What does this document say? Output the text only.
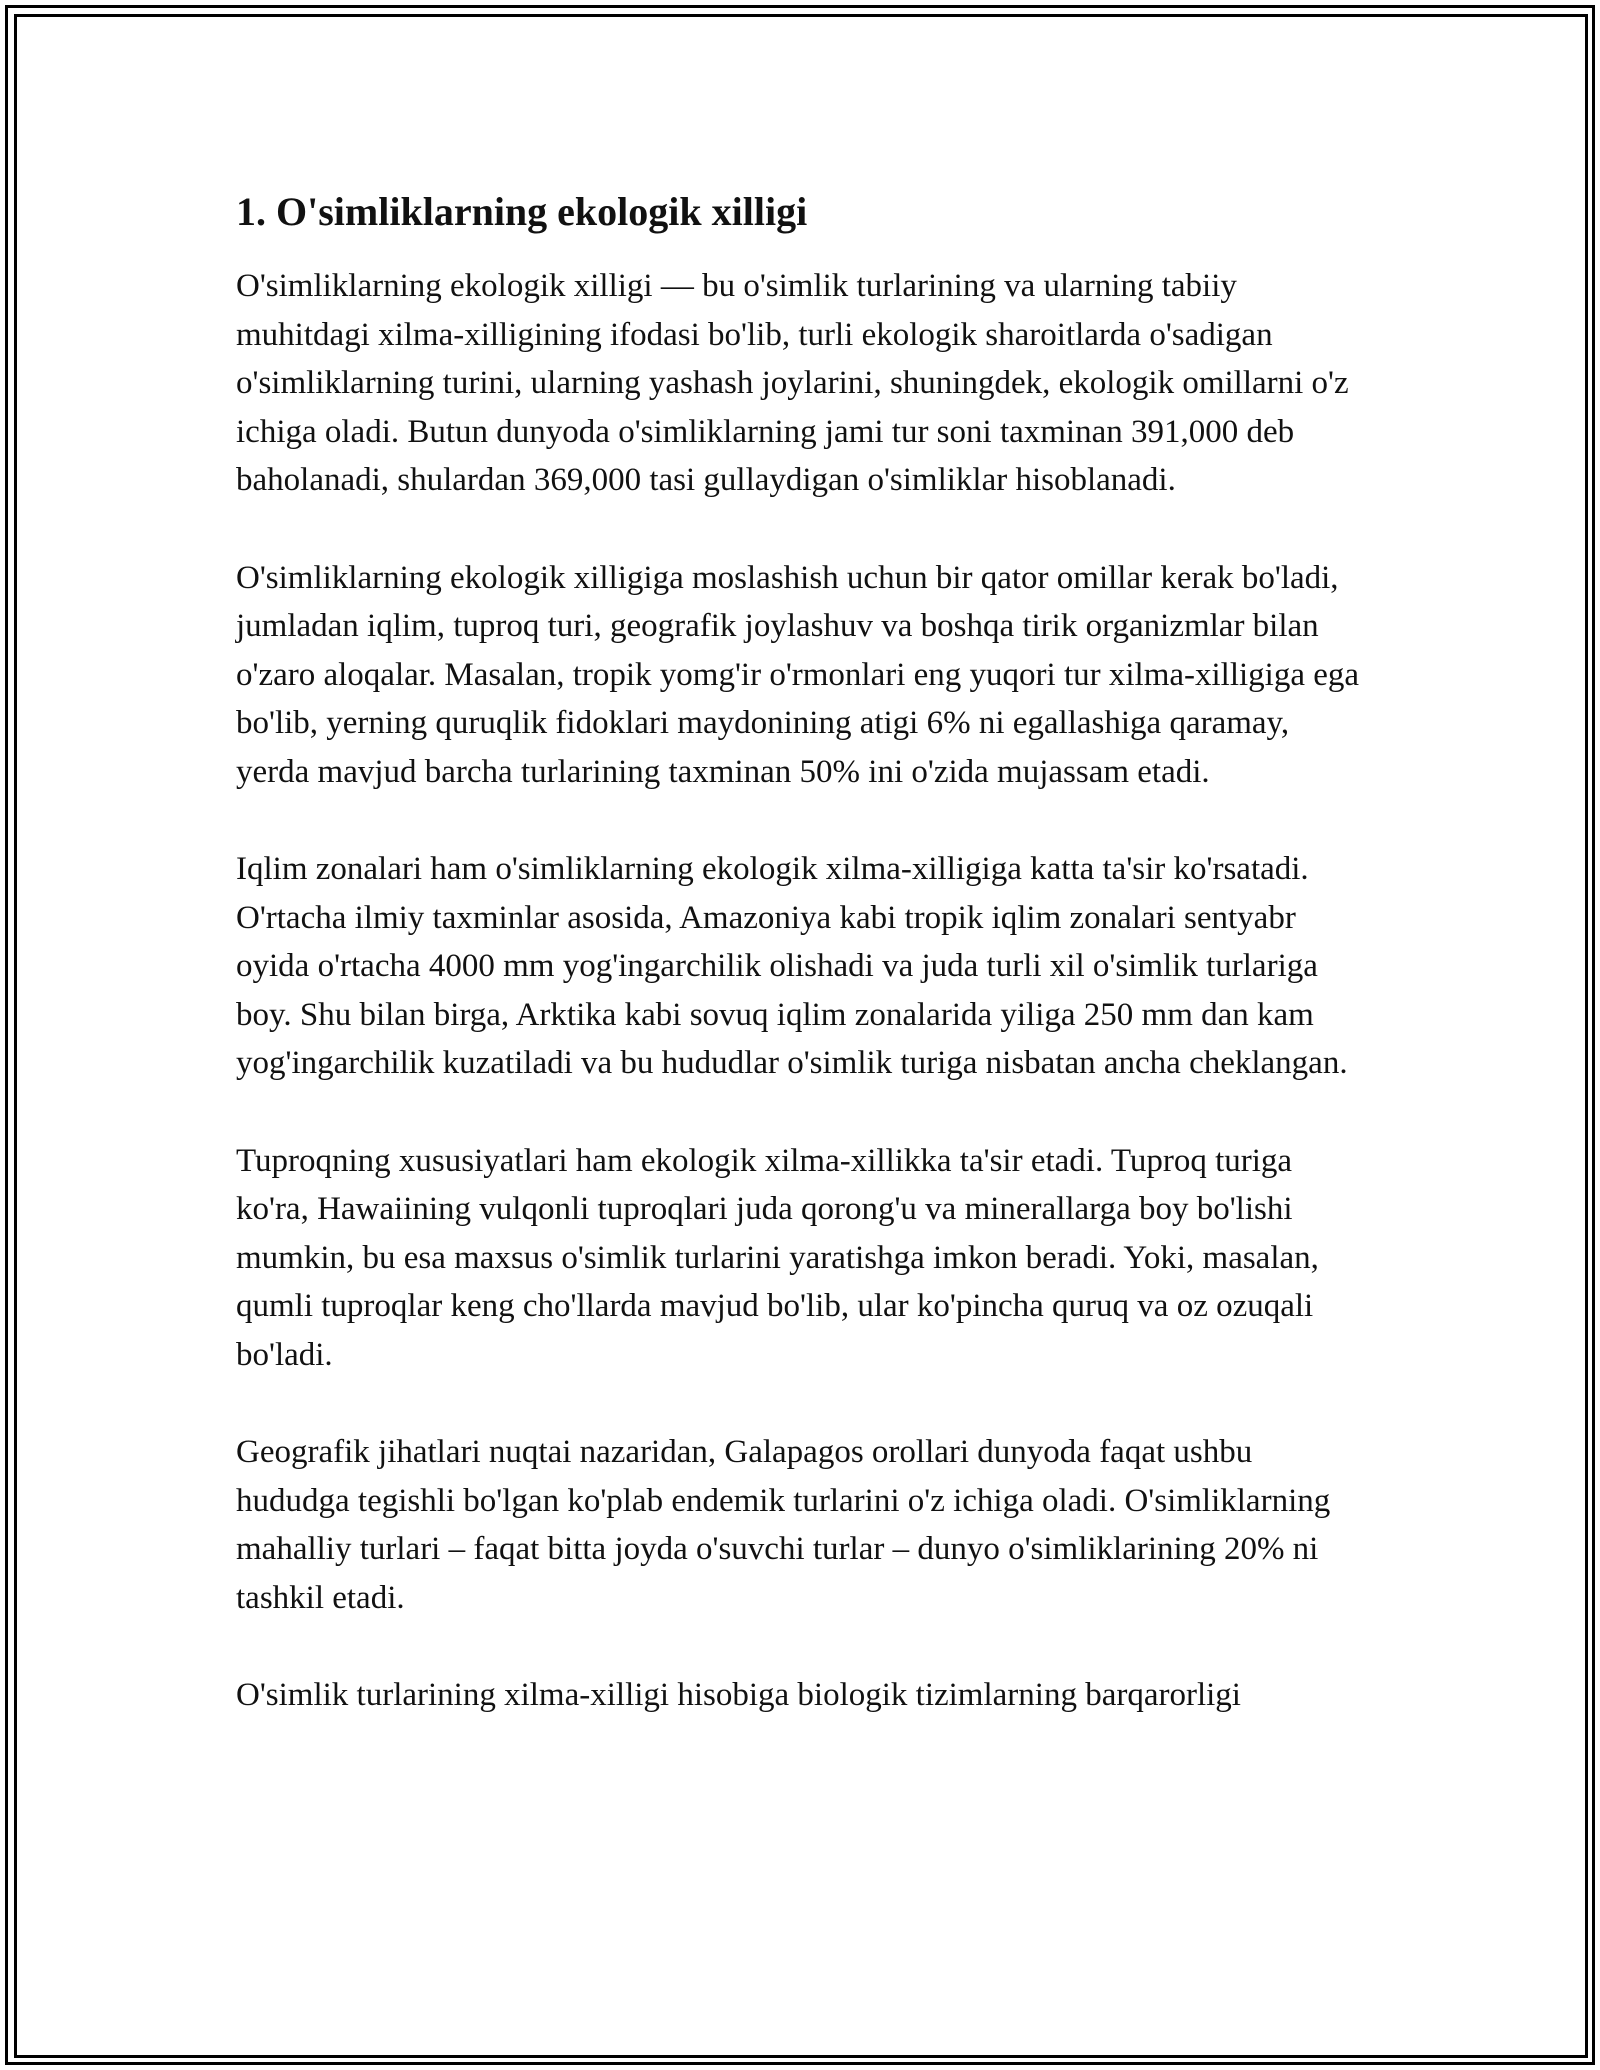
1. O'simliklarning ekologik xilligi

O'simliklarning ekologik xilligi — bu o'simlik turlarining va ularning tabiiy muhitdagi xilma-xilligining ifodasi bo'lib, turli ekologik sharoitlarda o'sadigan o'simliklarning turini, ularning yashash joylarini, shuningdek, ekologik omillarni o'z ichiga oladi. Butun dunyoda o'simliklarning jami tur soni taxminan 391,000 deb baholanadi, shulardan 369,000 tasi gullaydigan o'simliklar hisoblanadi.

O'simliklarning ekologik xilligiga moslashish uchun bir qator omillar kerak bo'ladi, jumladan iqlim, tuproq turi, geografik joylashuv va boshqa tirik organizmlar bilan o'zaro aloqalar. Masalan, tropik yomg'ir o'rmonlari eng yuqori tur xilma-xilligiga ega bo'lib, yerning quruqlik fidoklari maydonining atigi 6% ni egallashiga qaramay, yerda mavjud barcha turlarining taxminan 50% ini o'zida mujassam etadi.

Iqlim zonalari ham o'simliklarning ekologik xilma-xilligiga katta ta'sir ko'rsatadi. O'rtacha ilmiy taxminlar asosida, Amazoniya kabi tropik iqlim zonalari sentyabr oyida o'rtacha 4000 mm yog'ingarchilik olishadi va juda turli xil o'simlik turlariga boy. Shu bilan birga, Arktika kabi sovuq iqlim zonalarida yiliga 250 mm dan kam yog'ingarchilik kuzatiladi va bu hududlar o'simlik turiga nisbatan ancha cheklangan.

Tuproqning xususiyatlari ham ekologik xilma-xillikka ta'sir etadi. Tuproq turiga ko'ra, Hawaiining vulqonli tuproqlari juda qorong'u va minerallarga boy bo'lishi mumkin, bu esa maxsus o'simlik turlarini yaratishga imkon beradi. Yoki, masalan, qumli tuproqlar keng cho'llarda mavjud bo'lib, ular ko'pincha quruq va oz ozuqali bo'ladi.

Geografik jihatlari nuqtai nazaridan, Galapagos orollari dunyoda faqat ushbu hududga tegishli bo'lgan ko'plab endemik turlarini o'z ichiga oladi. O'simliklarning mahalliy turlari – faqat bitta joyda o'suvchi turlar – dunyo o'simliklarining 20% ni tashkil etadi.

O'simlik turlarining xilma-xilligi hisobiga biologik tizimlarning barqarorligi
